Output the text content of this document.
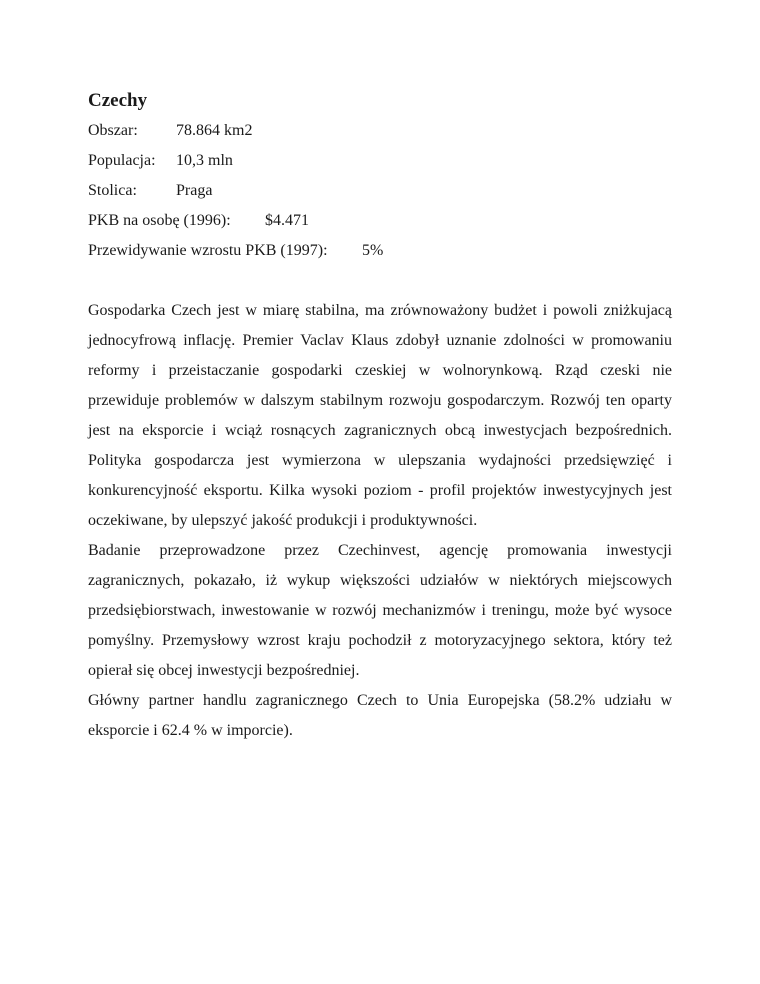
Czechy
Obszar: 78.864 km2
Populacja: 10,3 mln
Stolica: Praga
PKB na osobę (1996): $4.471
Przewidywanie wzrostu PKB (1997): 5%

Gospodarka Czech jest w miarę stabilna, ma zrównoważony budżet i powoli zniżkujacą jednocyfrową inflację. Premier Vaclav Klaus zdobył uznanie zdolności w promowaniu reformy i przeistaczanie gospodarki czeskiej w wolnorynkową. Rząd czeski nie przewiduje problemów w dalszym stabilnym rozwoju gospodarczym. Rozwój ten oparty jest na eksporcie i wciąż rosnących zagranicznych obcą inwestycjach bezpośrednich. Polityka gospodarcza jest wymierzona w ulepszania wydajności przedsięwzięć i konkurencyjność eksportu. Kilka wysoki poziom - profil projektów inwestycyjnych jest oczekiwane, by ulepszyć jakość produkcji i produktywności.

Badanie przeprowadzone przez Czechinvest, agencję promowania inwestycji zagranicznych, pokazało, iż wykup większości udziałów w niektórych miejscowych przedsiębiorstwach, inwestowanie w rozwój mechanizmów i treningu, może być wysoce pomyślny. Przemysłowy wzrost kraju pochodził z motoryzacyjnego sektora, który też opierał się obcej inwestycji bezpośredniej.

Główny partner handlu zagranicznego Czech to Unia Europejska (58.2% udziału w eksporcie i 62.4 % w imporcie).
